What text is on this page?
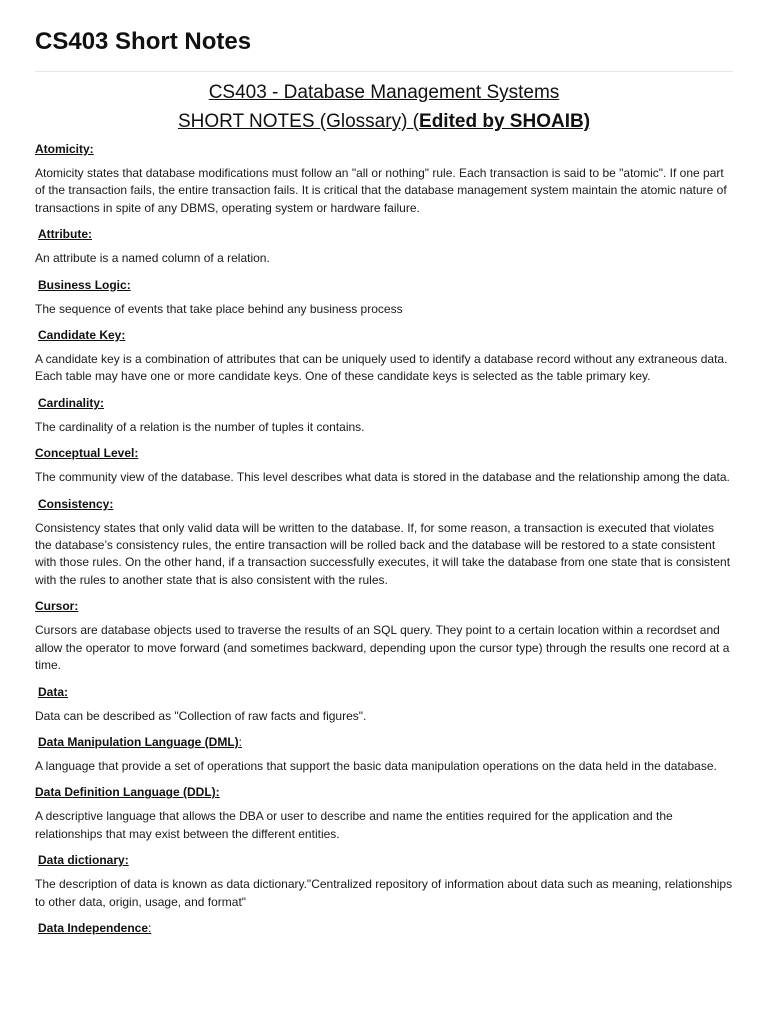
CS403 Short Notes
CS403 - Database Management Systems
SHORT NOTES (Glossary) (Edited by SHOAIB)
Atomicity:

Atomicity states that database modifications must follow an "all or nothing" rule. Each transaction is said to be "atomic". If one part of the transaction fails, the entire transaction fails. It is critical that the database management system maintain the atomic nature of transactions in spite of any DBMS, operating system or hardware failure.

Attribute:

An attribute is a named column of a relation.

Business Logic:

The sequence of events that take place behind any business process

Candidate Key:

A candidate key is a combination of attributes that can be uniquely used to identify a database record without any extraneous data. Each table may have one or more candidate keys. One of these candidate keys is selected as the table primary key.

Cardinality:

The cardinality of a relation is the number of tuples it contains.

Conceptual Level:

The community view of the database. This level describes what data is stored in the database and the relationship among the data.

Consistency:

Consistency states that only valid data will be written to the database. If, for some reason, a transaction is executed that violates the database’s consistency rules, the entire transaction will be rolled back and the database will be restored to a state consistent with those rules. On the other hand, if a transaction successfully executes, it will take the database from one state that is consistent with the rules to another state that is also consistent with the rules.

Cursor:

Cursors are database objects used to traverse the results of an SQL query. They point to a certain location within a recordset and allow the operator to move forward (and sometimes backward, depending upon the cursor type) through the results one record at a time.

Data:

Data can be described as "Collection of raw facts and figures".

Data Manipulation Language (DML):

A language that provide a set of operations that support the basic data manipulation operations on the data held in the database.

Data Definition Language (DDL):

A descriptive language that allows the DBA or user to describe and name the entities required for the application and the relationships that may exist between the different entities.

Data dictionary:

The description of data is known as data dictionary."Centralized repository of information about data such as meaning, relationships to other data, origin, usage, and format"

Data Independence:
